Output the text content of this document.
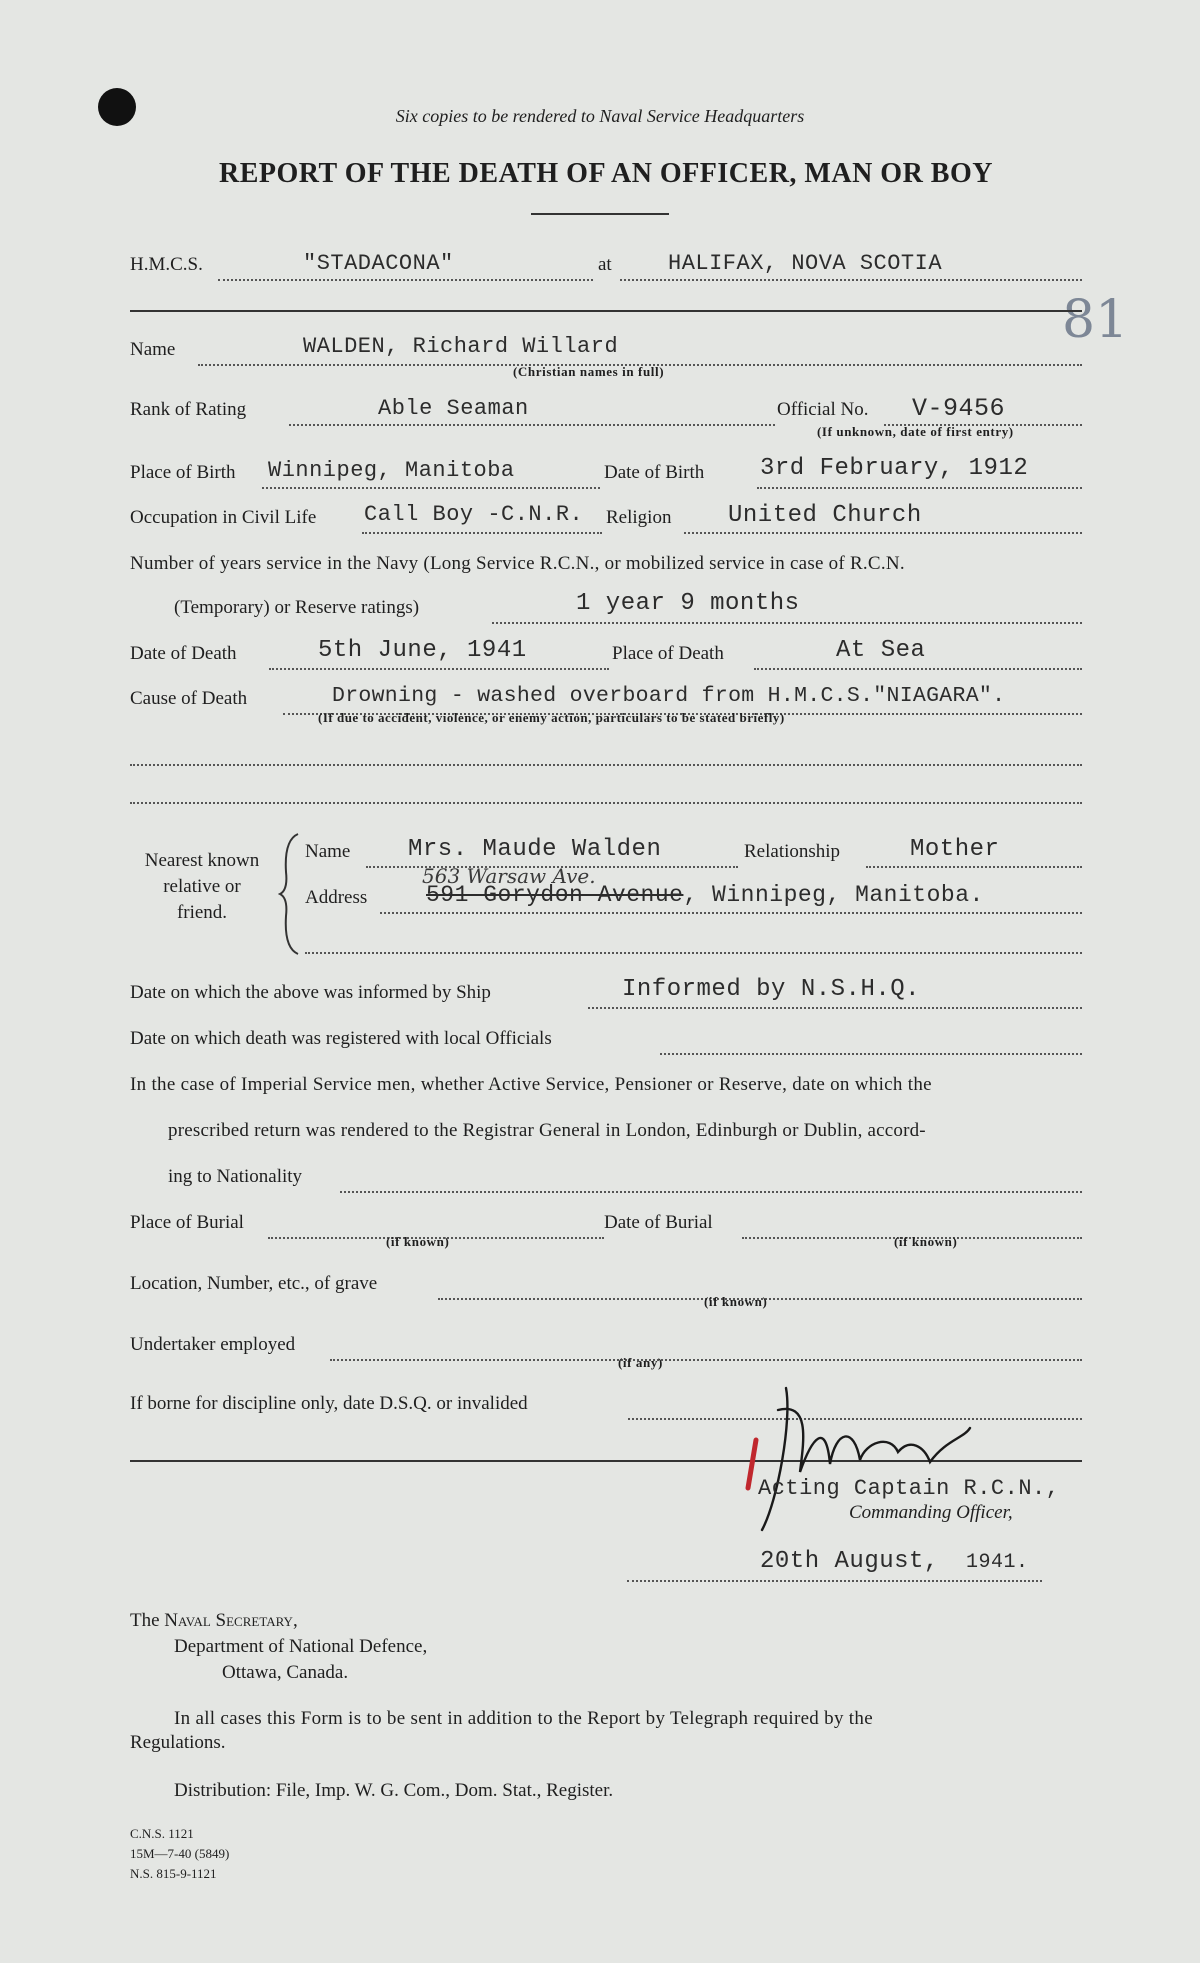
81
Six copies to be rendered to Naval Service Headquarters
REPORT OF THE DEATH OF AN OFFICER, MAN OR BOY
H.M.C.S.	"STADACONA"	at	HALIFAX, NOVA SCOTIA
Name	WALDEN, Richard Willard
(Christian names in full)
Rank of Rating	Able Seaman	Official No. V-9456
(If unknown, date of first entry)
Place of Birth Winnipeg, Manitoba	Date of Birth 3rd February, 1912
Occupation in Civil Life Call Boy -C.N.R. Religion United Church
Number of years service in the Navy (Long Service R.C.N., or mobilized service in case of R.C.N.
(Temporary) or Reserve ratings)	1 year 9 months
Date of Death	5th June, 1941	Place of Death	At Sea
Cause of Death	Drowning - washed overboard from H.M.C.S."NIAGARA".
(If due to accident, violence, or enemy action, particulars to be stated briefly)
Nearest known
relative or
friend.
Name Mrs. Maude Walden	Relationship	Mother
563 Warsaw Ave.
Address	591 Gorydon Avenue, Winnipeg, Manitoba.
Date on which the above was informed by Ship	Informed by N.S.H.Q.
Date on which death was registered with local Officials
In the case of Imperial Service men, whether Active Service, Pensioner or Reserve, date on which the
prescribed return was rendered to the Registrar General in London, Edinburgh or Dublin, accord-
ing to Nationality
Place of Burial	Date of Burial
(if known)	(if known)
Location, Number, etc., of grave
(if known)
Undertaker employed
(if any)
If borne for discipline only, date D.S.Q. or invalided
Acting Captain R.C.N.,
Commanding Officer,
20th August, 1941.
The Naval Secretary,
Department of National Defence,
Ottawa, Canada.
In all cases this Form is to be sent in addition to the Report by Telegraph required by the
Regulations.
Distribution: File, Imp. W. G. Com., Dom. Stat., Register.
C.N.S. 1121
15M—7-40 (5849)
N.S. 815-9-1121
